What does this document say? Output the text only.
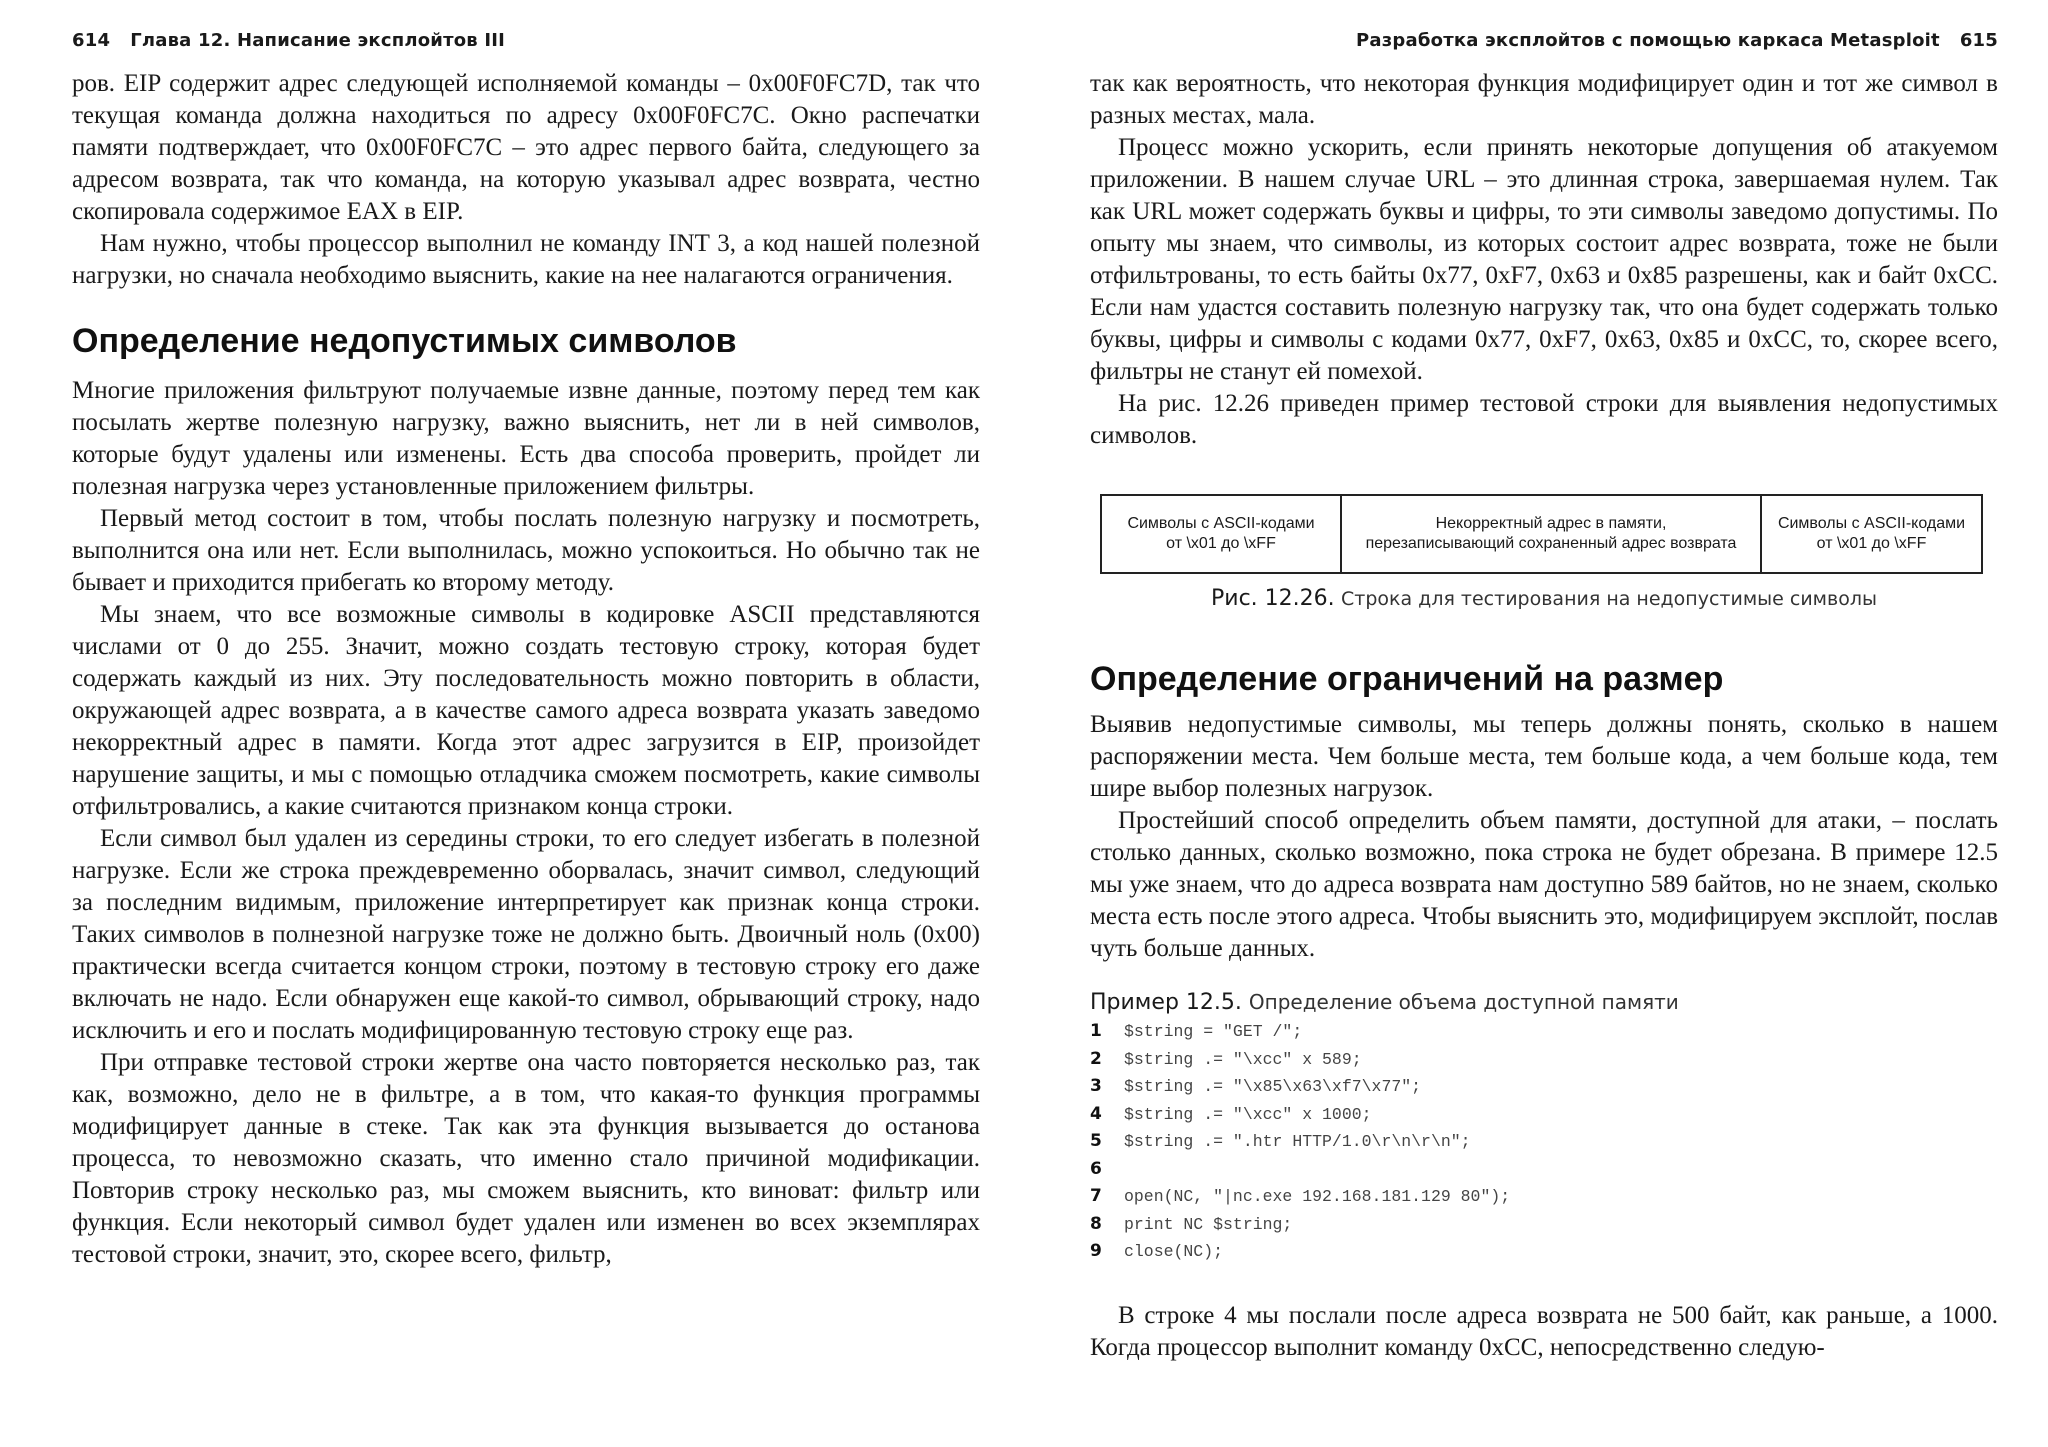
614 Глава 12. Написание эксплойтов III

ров. EIP содержит адрес следующей исполняемой команды – 0x00F0FC7D, так что текущая команда должна находиться по адресу 0x00F0FC7C. Окно распечатки памяти подтверждает, что 0x00F0FC7C – это адрес первого байта, следующего за адресом возврата, так что команда, на которую указывал адрес возврата, честно скопировала содержимое EAX в EIP.

Нам нужно, чтобы процессор выполнил не команду INT 3, а код нашей полезной нагрузки, но сначала необходимо выяснить, какие на нее налагаются ограничения.

Определение недопустимых символов

Многие приложения фильтруют получаемые извне данные, поэтому перед тем как посылать жертве полезную нагрузку, важно выяснить, нет ли в ней символов, которые будут удалены или изменены. Есть два способа проверить, пройдет ли полезная нагрузка через установленные приложением фильтры.

Первый метод состоит в том, чтобы послать полезную нагрузку и посмотреть, выполнится она или нет. Если выполнилась, можно успокоиться. Но обычно так не бывает и приходится прибегать ко второму методу.

Мы знаем, что все возможные символы в кодировке ASCII представляются числами от 0 до 255. Значит, можно создать тестовую строку, которая будет содержать каждый из них. Эту последовательность можно повторить в области, окружающей адрес возврата, а в качестве самого адреса возврата указать заведомо некорректный адрес в памяти. Когда этот адрес загрузится в EIP, произойдет нарушение защиты, и мы с помощью отладчика сможем посмотреть, какие символы отфильтровались, а какие считаются признаком конца строки.

Если символ был удален из середины строки, то его следует избегать в полезной нагрузке. Если же строка преждевременно оборвалась, значит символ, следующий за последним видимым, приложение интерпретирует как признак конца строки. Таких символов в полнезной нагрузке тоже не должно быть. Двоичный ноль (0x00) практически всегда считается концом строки, поэтому в тестовую строку его даже включать не надо. Если обнаружен еще какой-то символ, обрывающий строку, надо исключить и его и послать модифицированную тестовую строку еще раз.

При отправке тестовой строки жертве она часто повторяется несколько раз, так как, возможно, дело не в фильтре, а в том, что какая-то функция программы модифицирует данные в стеке. Так как эта функция вызывается до останова процесса, то невозможно сказать, что именно стало причиной модификации. Повторив строку несколько раз, мы сможем выяснить, кто виноват: фильтр или функция. Если некоторый символ будет удален или изменен во всех экземплярах тестовой строки, значит, это, скорее всего, фильтр,

Разработка эксплойтов с помощью каркаса Metasploit 615

так как вероятность, что некоторая функция модифицирует один и тот же символ в разных местах, мала.

Процесс можно ускорить, если принять некоторые допущения об атакуемом приложении. В нашем случае URL – это длинная строка, завершаемая нулем. Так как URL может содержать буквы и цифры, то эти символы заведомо допустимы. По опыту мы знаем, что символы, из которых состоит адрес возврата, тоже не были отфильтрованы, то есть байты 0x77, 0xF7, 0x63 и 0x85 разрешены, как и байт 0xCC. Если нам удастся составить полезную нагрузку так, что она будет содержать только буквы, цифры и символы с кодами 0x77, 0xF7, 0x63, 0x85 и 0xCC, то, скорее всего, фильтры не станут ей помехой.

На рис. 12.26 приведен пример тестовой строки для выявления недопустимых символов.

Символы с ASCII-кодами
от \x01 до \xFF

Некорректный адрес в памяти,
перезаписывающий сохраненный адрес возврата

Символы с ASCII-кодами
от \x01 до \xFF
Рис. 12.26. Строка для тестирования на недопустимые символы
Определение ограничений на размер

Выявив недопустимые символы, мы теперь должны понять, сколько в нашем распоряжении места. Чем больше места, тем больше кода, а чем больше кода, тем шире выбор полезных нагрузок.

Простейший способ определить объем памяти, доступной для атаки, – послать столько данных, сколько возможно, пока строка не будет обрезана. В примере 12.5 мы уже знаем, что до адреса возврата нам доступно 589 байтов, но не знаем, сколько места есть после этого адреса. Чтобы выяснить это, модифицируем эксплойт, послав чуть больше данных.

Пример 12.5. Определение объема доступной памяти
1 $string = "GET /";
2 $string .= "\xcc" x 589;
3 $string .= "\x85\x63\xf7\x77";
4 $string .= "\xcc" x 1000;
5 $string .= ".htr HTTP/1.0\r\n\r\n";
6
7 open(NC, "|nc.exe 192.168.181.129 80");
8 print NC $string;
9 close(NC);

В строке 4 мы послали после адреса возврата не 500 байт, как раньше, а 1000. Когда процессор выполнит команду 0xCC, непосредственно следую-
